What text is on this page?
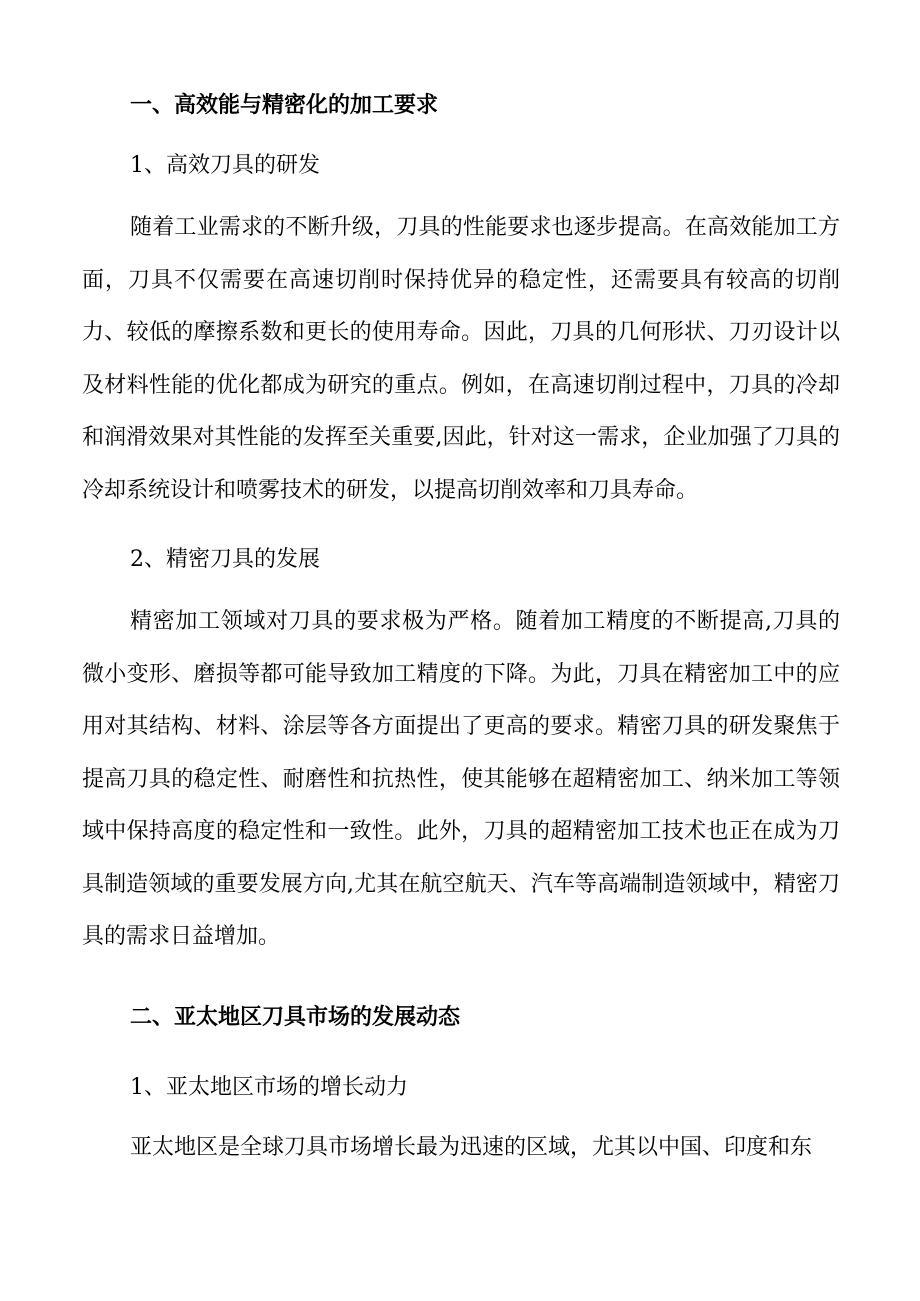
一、高效能与精密化的加工要求
1、高效刀具的研发
随着工业需求的不断升级，刀具的性能要求也逐步提高。在高效能加工方面，刀具不仅需要在高速切削时保持优异的稳定性，还需要具有较高的切削力、较低的摩擦系数和更长的使用寿命。因此，刀具的几何形状、刀刃设计以及材料性能的优化都成为研究的重点。例如，在高速切削过程中，刀具的冷却和润滑效果对其性能的发挥至关重要,因此，针对这一需求，企业加强了刀具的冷却系统设计和喷雾技术的研发，以提高切削效率和刀具寿命。
2、精密刀具的发展
精密加工领域对刀具的要求极为严格。随着加工精度的不断提高,刀具的微小变形、磨损等都可能导致加工精度的下降。为此，刀具在精密加工中的应用对其结构、材料、涂层等各方面提出了更高的要求。精密刀具的研发聚焦于提高刀具的稳定性、耐磨性和抗热性，使其能够在超精密加工、纳米加工等领域中保持高度的稳定性和一致性。此外，刀具的超精密加工技术也正在成为刀具制造领域的重要发展方向,尤其在航空航天、汽车等高端制造领域中，精密刀具的需求日益增加。
二、亚太地区刀具市场的发展动态
1、亚太地区市场的增长动力
亚太地区是全球刀具市场增长最为迅速的区域，尤其以中国、印度和东
